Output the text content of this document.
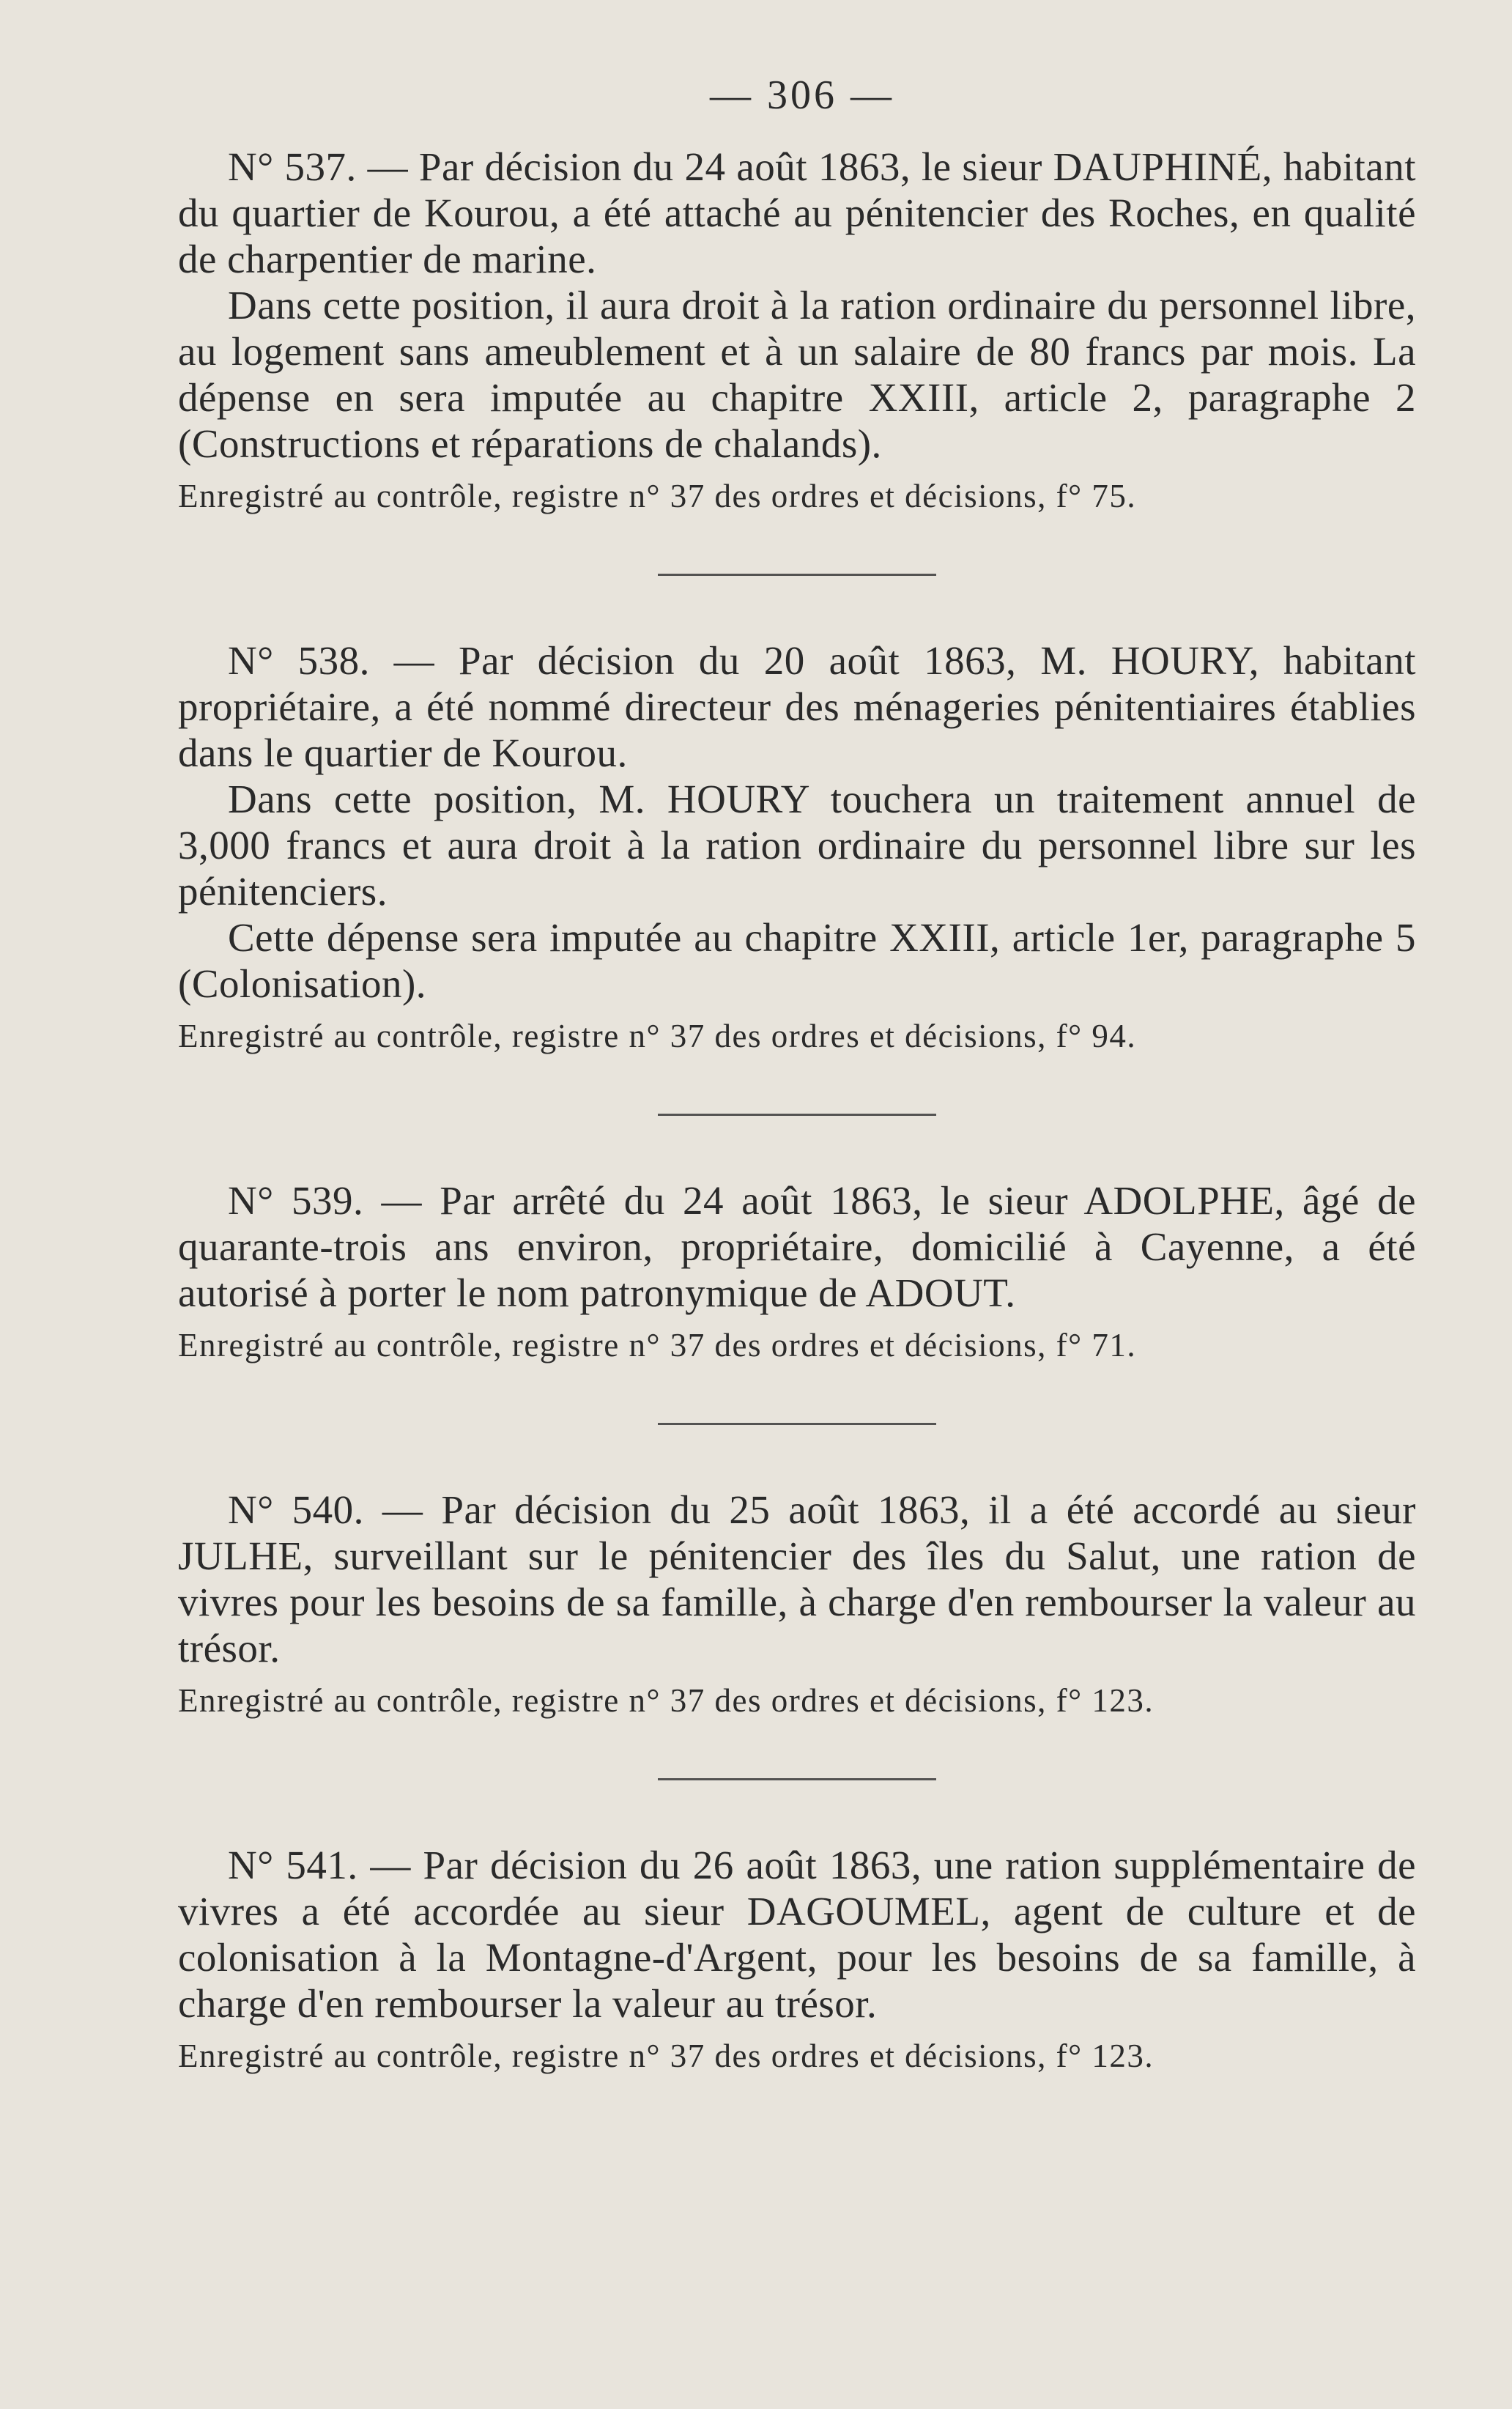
— 306 —

N° 537. — Par décision du 24 août 1863, le sieur DAUPHINÉ, habitant du quartier de Kourou, a été attaché au pénitencier des Roches, en qualité de charpentier de marine.

Dans cette position, il aura droit à la ration ordinaire du personnel libre, au logement sans ameublement et à un salaire de 80 francs par mois. La dépense en sera imputée au chapitre XXIII, article 2, paragraphe 2 (Constructions et réparations de chalands).

Enregistré au contrôle, registre n° 37 des ordres et décisions, f° 75.

N° 538. — Par décision du 20 août 1863, M. HOURY, habitant propriétaire, a été nommé directeur des ménageries pénitentiaires établies dans le quartier de Kourou.

Dans cette position, M. HOURY touchera un traitement annuel de 3,000 francs et aura droit à la ration ordinaire du personnel libre sur les pénitenciers.

Cette dépense sera imputée au chapitre XXIII, article 1er, paragraphe 5 (Colonisation).

Enregistré au contrôle, registre n° 37 des ordres et décisions, f° 94.

N° 539. — Par arrêté du 24 août 1863, le sieur ADOLPHE, âgé de quarante-trois ans environ, propriétaire, domicilié à Cayenne, a été autorisé à porter le nom patronymique de ADOUT.

Enregistré au contrôle, registre n° 37 des ordres et décisions, f° 71.

N° 540. — Par décision du 25 août 1863, il a été accordé au sieur JULHE, surveillant sur le pénitencier des îles du Salut, une ration de vivres pour les besoins de sa famille, à charge d'en rembourser la valeur au trésor.

Enregistré au contrôle, registre n° 37 des ordres et décisions, f° 123.

N° 541. — Par décision du 26 août 1863, une ration supplémentaire de vivres a été accordée au sieur DAGOUMEL, agent de culture et de colonisation à la Montagne-d'Argent, pour les besoins de sa famille, à charge d'en rembourser la valeur au trésor.

Enregistré au contrôle, registre n° 37 des ordres et décisions, f° 123.
